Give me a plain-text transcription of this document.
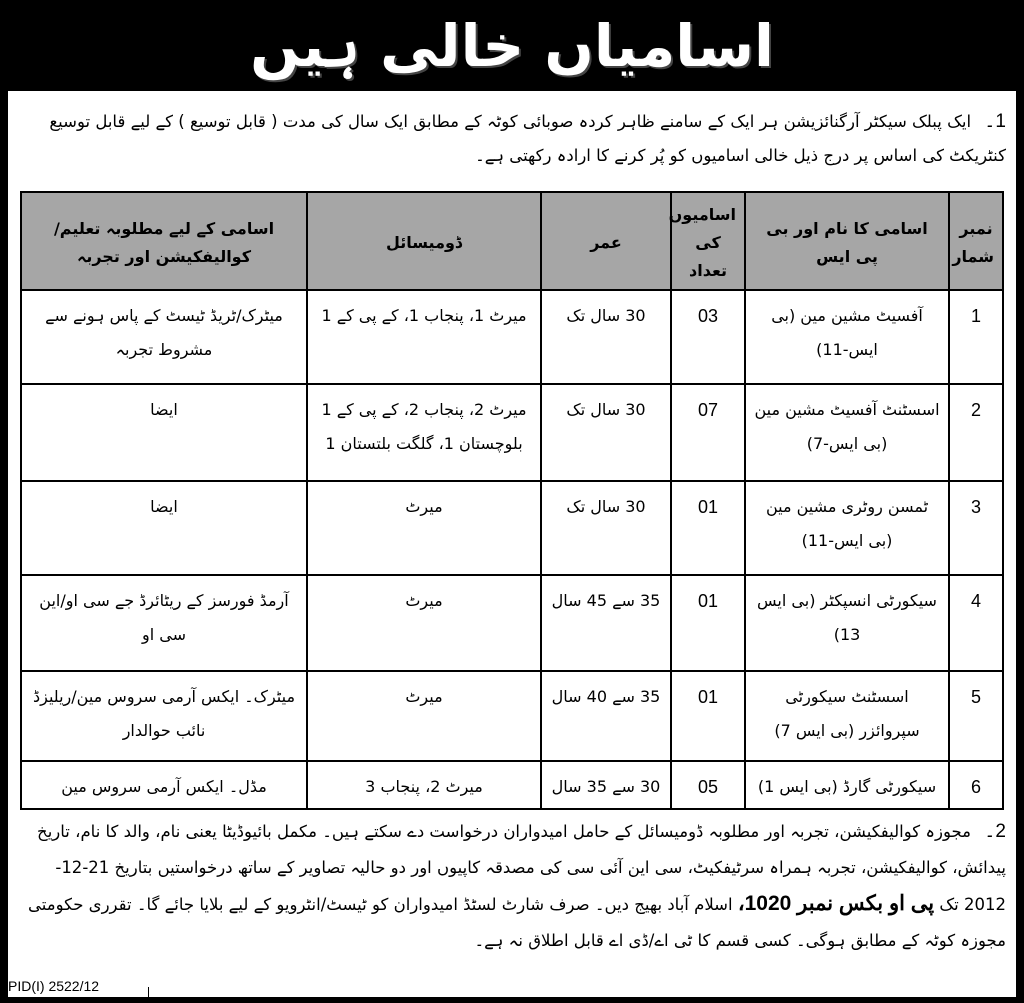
اسامیاں خالی ہیں
1۔ ایک پبلک سیکٹر آرگنائزیشن ہر ایک کے سامنے ظاہر کردہ صوبائی کوٹہ کے مطابق ایک سال کی مدت ( قابل توسیع ) کے لیے قابل توسیع کنٹریکٹ کی اساس پر درج ذیل خالی اسامیوں کو پُر کرنے کا ارادہ رکھتی ہے۔
نمبر شمار	اسامی کا نام اور بی پی ایس	اسامیوں کی تعداد	عمر	ڈومیسائل	اسامی کے لیے مطلوبہ تعلیم/کوالیفکیشن اور تجربہ
1	آفسیٹ مشین مین (بی ایس-11)	03	30 سال تک	میرٹ 1، پنجاب 1، کے پی کے 1	میٹرک/ٹریڈ ٹیسٹ کے پاس ہونے سے مشروط تجربہ
2	اسسٹنٹ آفسیٹ مشین مین (بی ایس-7)	07	30 سال تک	میرٹ 2، پنجاب 2، کے پی کے 1 بلوچستان 1، گلگت بلتستان 1	ایضا
3	ٹمسن روٹری مشین مین (بی ایس-11)	01	30 سال تک	میرٹ	ایضا
4	سیکورٹی انسپکٹر (بی ایس 13)	01	35 سے 45 سال	میرٹ	آرمڈ فورسز کے ریٹائرڈ جے سی او/این سی او
5	اسسٹنٹ سیکورٹی سپروائزر (بی ایس 7)	01	35 سے 40 سال	میرٹ	میٹرک۔ ایکس آرمی سروس مین/ریلیزڈ نائب حوالدار
6	سیکورٹی گارڈ (بی ایس 1)	05	30 سے 35 سال	میرٹ 2، پنجاب 3	مڈل۔ ایکس آرمی سروس مین
2۔ مجوزہ کوالیفکیشن، تجربہ اور مطلوبہ ڈومیسائل کے حامل امیدواران درخواست دے سکتے ہیں۔ مکمل بائیوڈیٹا یعنی نام، والد کا نام، تاریخ پیدائش، کوالیفکیشن، تجربہ ہمراہ سرٹیفکیٹ، سی این آئی سی کی مصدقہ کاپیوں اور دو حالیہ تصاویر کے ساتھ درخواستیں بتاریخ 21-12-2012 تک پی او بکس نمبر 1020، اسلام آباد بھیج دیں۔ صرف شارٹ لسٹڈ امیدواران کو ٹیسٹ/انٹرویو کے لیے بلایا جائے گا۔ تقرری حکومتی مجوزہ کوٹہ کے مطابق ہوگی۔ کسی قسم کا ٹی اے/ڈی اے قابل اطلاق نہ ہے۔
PID(I) 2522/12
